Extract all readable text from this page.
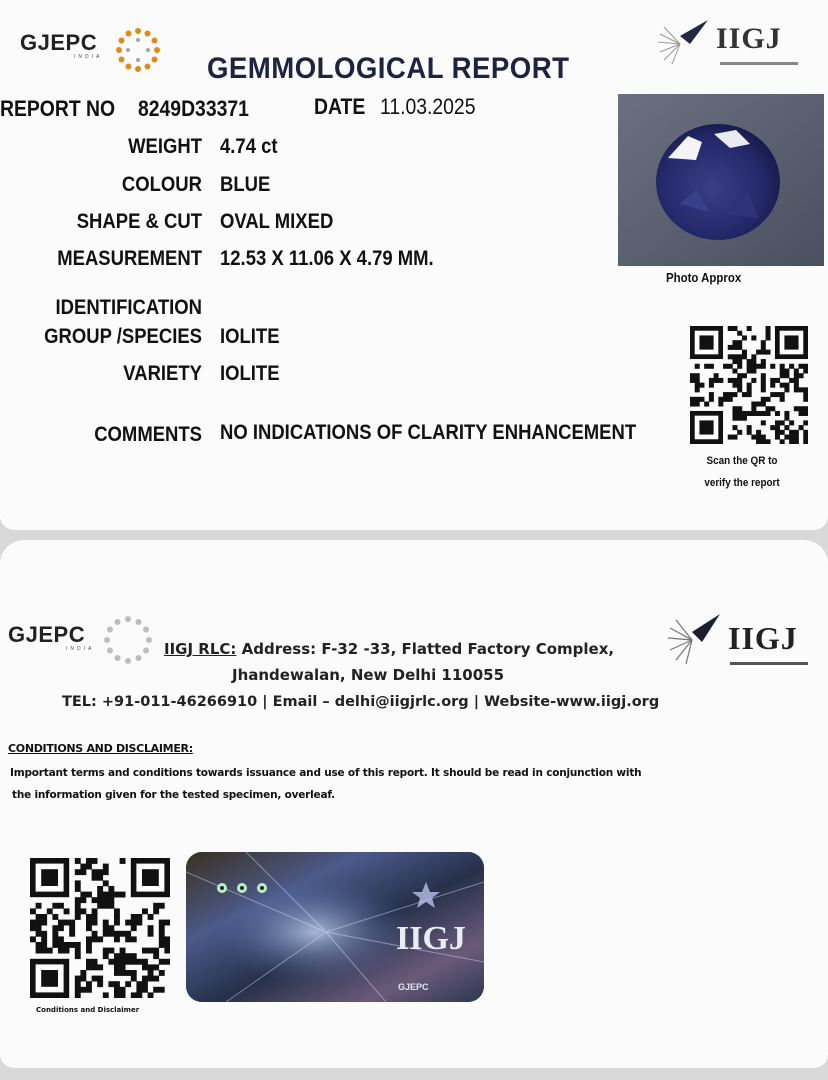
GJEPC
INDIA
IIGJ
GEMMOLOGICAL REPORT
REPORT NO 8249D33371	DATE 11.03.2025
WEIGHT 4.74 ct
COLOUR BLUE
SHAPE & CUT OVAL MIXED
MEASUREMENT 12.53 X 11.06 X 4.79 MM.
IDENTIFICATION
GROUP /SPECIES IOLITE
VARIETY IOLITE
COMMENTS NO INDICATIONS OF CLARITY ENHANCEMENT
Photo Approx
Scan the QR to
verify the report
GJEPC
INDIA	IIGJ
IIGJ RLC: Address: F-32 -33, Flatted Factory Complex,
Jhandewalan, New Delhi 110055
TEL: +91-011-46266910 | Email – delhi@iigjrlc.org | Website-www.iigj.org
CONDITIONS AND DISCLAIMER:
Important terms and conditions towards issuance and use of this report. It should be read in conjunction with
the information given for the tested specimen, overleaf.
Conditions and Disclaimer
IIGJ
GJEPC
